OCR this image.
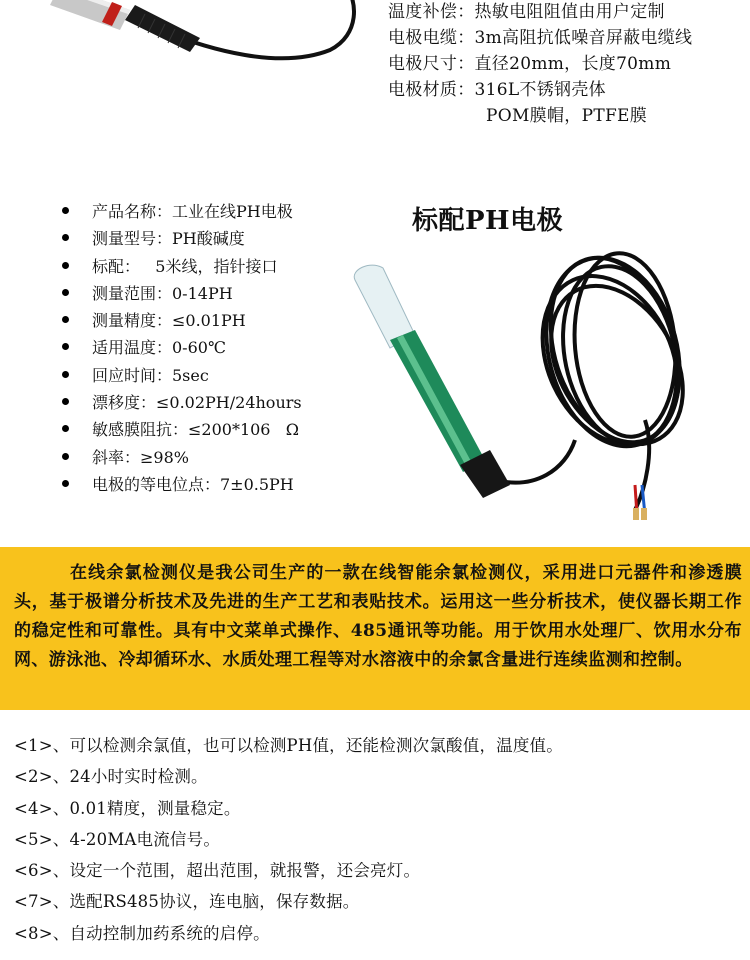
温度补偿：热敏电阻阻值由用户定制
电极电缆：3m高阻抗低噪音屏蔽电缆线
电极尺寸：直径20mm，长度70mm
电极材质：316L不锈钢壳体
POM膜帽，PTFE膜
产品名称：工业在线PH电极
测量型号：PH酸碱度
标配：   5米线，指针接口
测量范围：0-14PH
测量精度：≤0.01PH
适用温度：0-60℃
回应时间：5sec
漂移度：≤0.02PH/24hours
敏感膜阻抗：≤200*106   Ω
斜率：≥98%
电极的等电位点：7±0.5PH
标配PH电极

在线余氯检测仪是我公司生产的一款在线智能余氯检测仪，采用进口元器件和渗透膜头，基于极谱分析技术及先进的生产工艺和表贴技术。运用这一些分析技术，使仪器长期工作的稳定性和可靠性。具有中文菜单式操作、485通讯等功能。用于饮用水处理厂、饮用水分布网、游泳池、冷却循环水、水质处理工程等对水溶液中的余氯含量进行连续监测和控制。

<1>、可以检测余氯值，也可以检测PH值，还能检测次氯酸值，温度值。
<2>、24小时实时检测。
<4>、0.01精度，测量稳定。
<5>、4-20MA电流信号。
<6>、设定一个范围，超出范围，就报警，还会亮灯。
<7>、选配RS485协议，连电脑，保存数据。
<8>、自动控制加药系统的启停。
